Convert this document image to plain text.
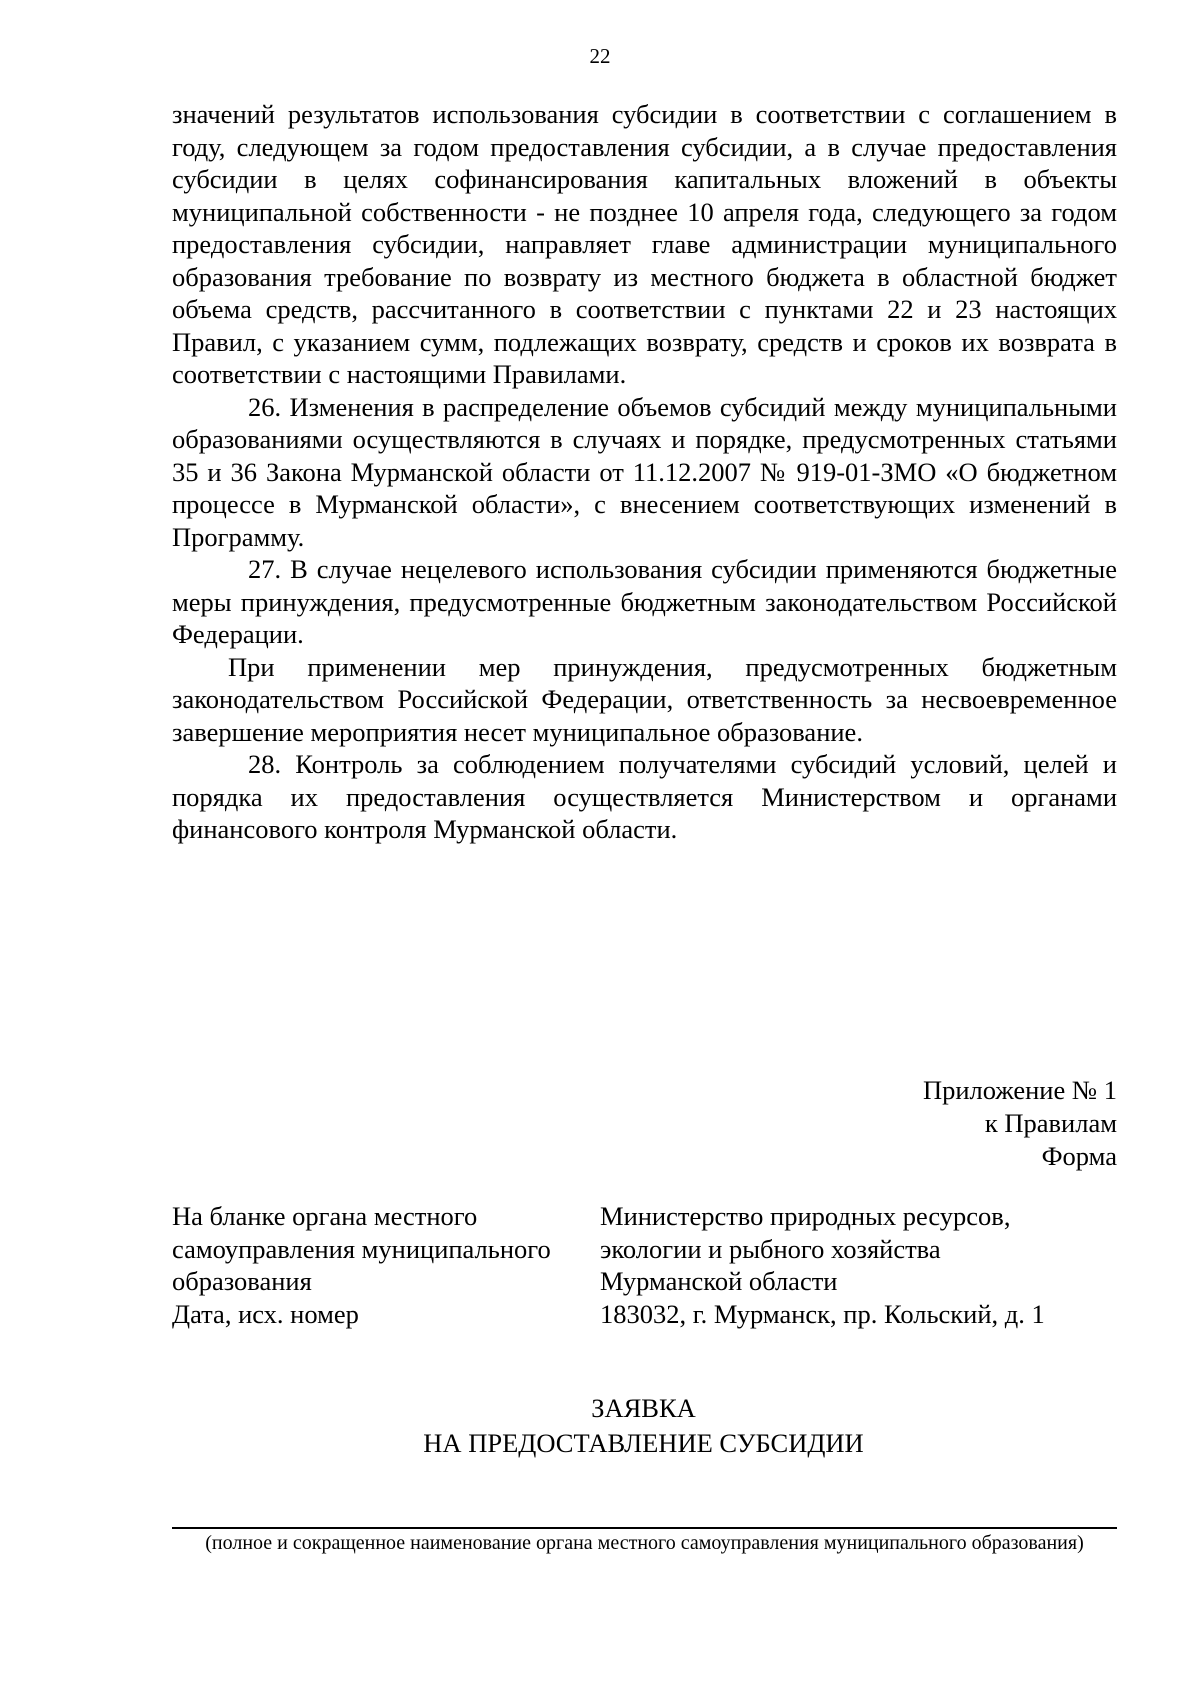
22

значений результатов использования субсидии в соответствии с соглашением в году, следующем за годом предоставления субсидии, а в случае предоставления субсидии в целях софинансирования капитальных вложений в объекты муниципальной собственности - не позднее 10 апреля года, следующего за годом предоставления субсидии, направляет главе администрации муниципального образования требование по возврату из местного бюджета в областной бюджет объема средств, рассчитанного в соответствии с пунктами 22 и 23 настоящих Правил, с указанием сумм, подлежащих возврату, средств и сроков их возврата в соответствии с настоящими Правилами.

26. Изменения в распределение объемов субсидий между муниципальными образованиями осуществляются в случаях и порядке, предусмотренных статьями 35 и 36 Закона Мурманской области от 11.12.2007 № 919-01-ЗМО «О бюджетном процессе в Мурманской области», с внесением соответствующих изменений в Программу.

27. В случае нецелевого использования субсидии применяются бюджетные меры принуждения, предусмотренные бюджетным законодательством Российской Федерации.

При применении мер принуждения, предусмотренных бюджетным законодательством Российской Федерации, ответственность за несвоевременное завершение мероприятия несет муниципальное образование.

28. Контроль за соблюдением получателями субсидий условий, целей и порядка их предоставления осуществляется Министерством и органами финансового контроля Мурманской области.

Приложение № 1
к Правилам
Форма
На бланке органа местного
самоуправления муниципального
образования
Дата, исх. номер
Министерство природных ресурсов,
экологии и рыбного хозяйства
Мурманской области
183032, г. Мурманск, пр. Кольский, д. 1
ЗАЯВКА
НА ПРЕДОСТАВЛЕНИЕ СУБСИДИИ
(полное и сокращенное наименование органа местного самоуправления муниципального образования)
